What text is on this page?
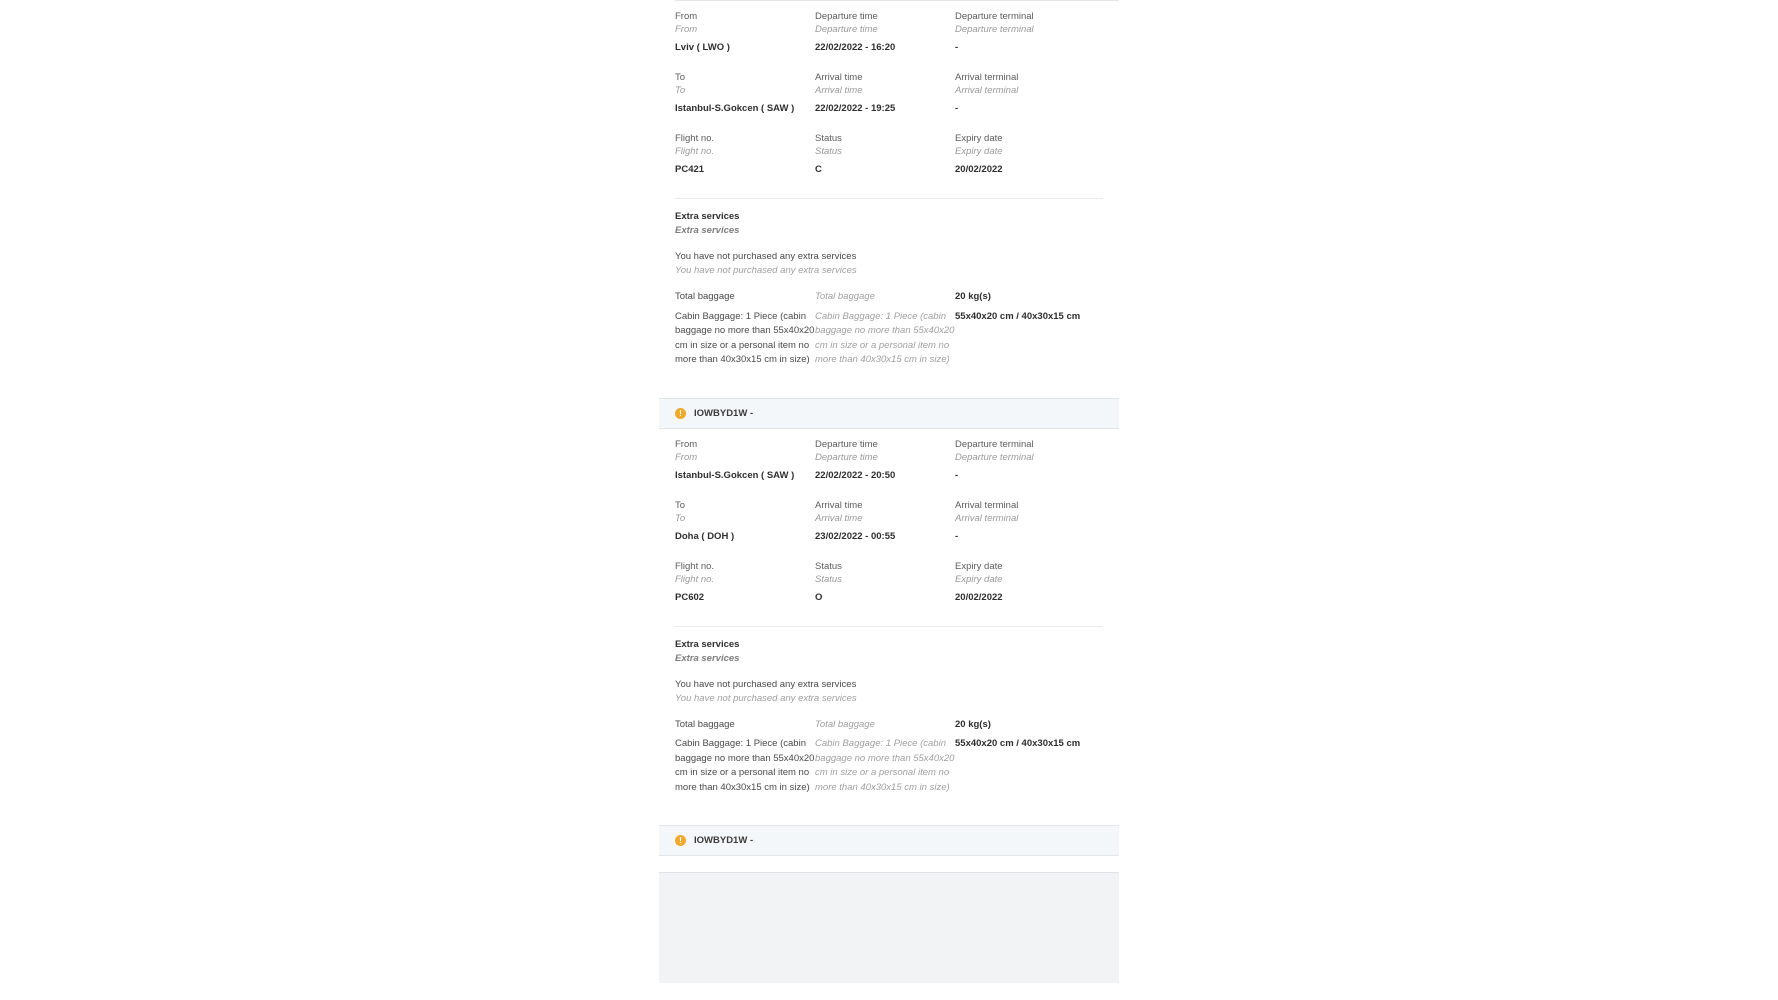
From
From
Lviv ( LWO )
Departure time
Departure time
22/02/2022 - 16:20
Departure terminal
Departure terminal
-
To
To
Istanbul-S.Gokcen ( SAW )
Arrival time
Arrival time
22/02/2022 - 19:25
Arrival terminal
Arrival terminal
-
Flight no.
Flight no.
PC421
Status
Status
C
Expiry date
Expiry date
20/02/2022
Extra services
Extra services
You have not purchased any extra services
You have not purchased any extra services
Total baggage
Cabin Baggage: 1 Piece (cabin baggage no more than 55x40x20 cm in size or a personal item no more than 40x30x15 cm in size)
Total baggage
Cabin Baggage: 1 Piece (cabin baggage no more than 55x40x20 cm in size or a personal item no more than 40x30x15 cm in size)
20 kg(s)
55x40x20 cm / 40x30x15 cm
!	IOWBYD1W -
From
From
Istanbul-S.Gokcen ( SAW )
Departure time
Departure time
22/02/2022 - 20:50
Departure terminal
Departure terminal
-
To
To
Doha ( DOH )
Arrival time
Arrival time
23/02/2022 - 00:55
Arrival terminal
Arrival terminal
-
Flight no.
Flight no.
PC602
Status
Status
O
Expiry date
Expiry date
20/02/2022
Extra services
Extra services
You have not purchased any extra services
You have not purchased any extra services
Total baggage
Cabin Baggage: 1 Piece (cabin baggage no more than 55x40x20 cm in size or a personal item no more than 40x30x15 cm in size)
Total baggage
Cabin Baggage: 1 Piece (cabin baggage no more than 55x40x20 cm in size or a personal item no more than 40x30x15 cm in size)
20 kg(s)
55x40x20 cm / 40x30x15 cm
!	IOWBYD1W -
